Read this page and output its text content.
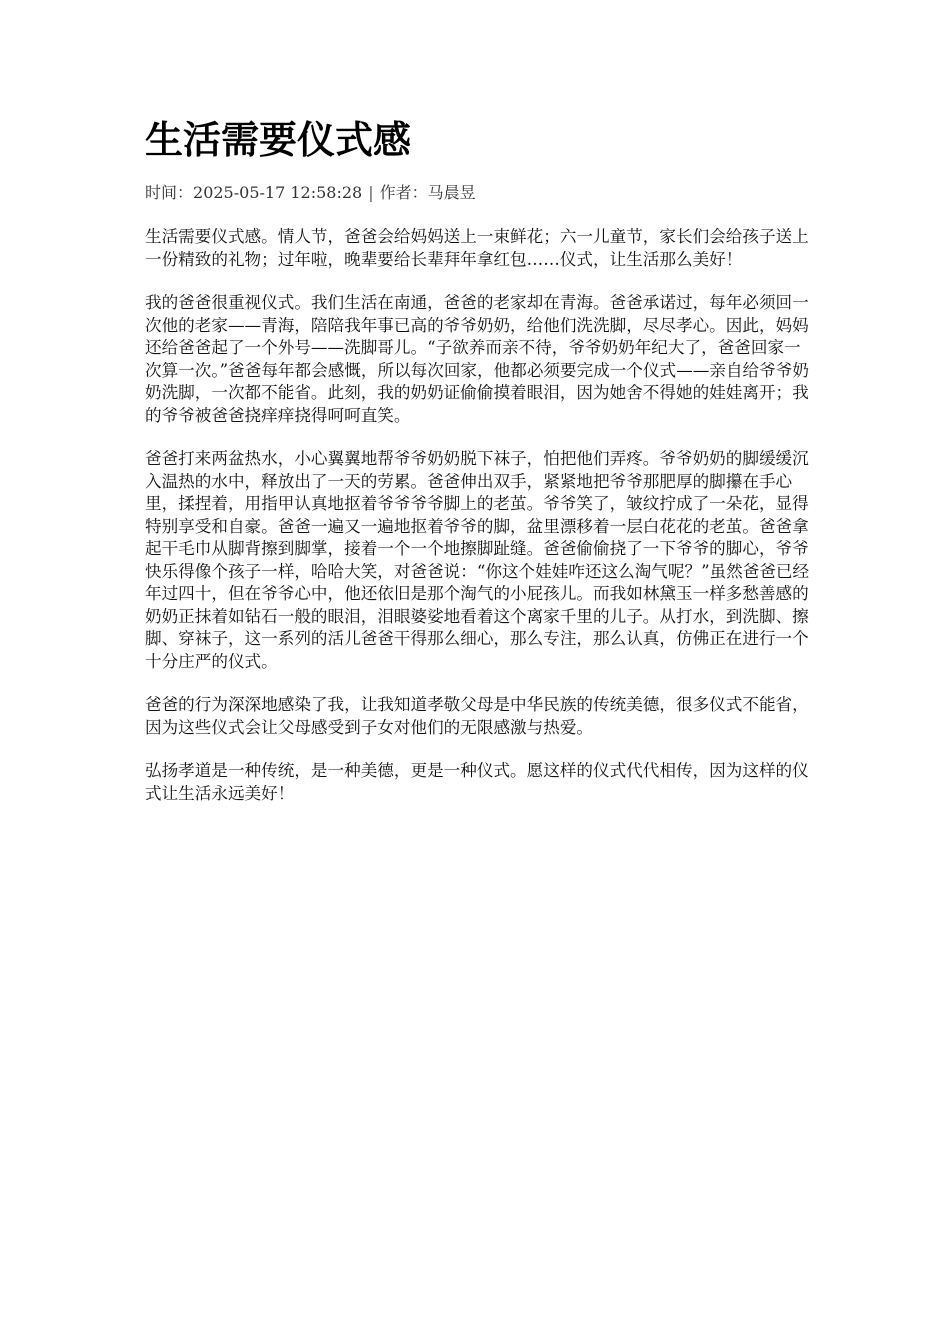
生活需要仪式感
时间：2025-05-17 12:58:28 | 作者：马晨昱

生活需要仪式感。情人节，爸爸会给妈妈送上一束鲜花；六一儿童节，家长们会给孩子送上一份精致的礼物；过年啦，晚辈要给长辈拜年拿红包……仪式，让生活那么美好！

我的爸爸很重视仪式。我们生活在南通，爸爸的老家却在青海。爸爸承诺过，每年必须回一次他的老家——青海，陪陪我年事已高的爷爷奶奶，给他们洗洗脚，尽尽孝心。因此，妈妈还给爸爸起了一个外号——洗脚哥儿。“子欲养而亲不待，爷爷奶奶年纪大了，爸爸回家一次算一次。”爸爸每年都会感慨，所以每次回家，他都必须要完成一个仪式——亲自给爷爷奶奶洗脚，一次都不能省。此刻，我的奶奶证偷偷摸着眼泪，因为她舍不得她的娃娃离开；我的爷爷被爸爸挠痒痒挠得呵呵直笑。

爸爸打来两盆热水，小心翼翼地帮爷爷奶奶脱下袜子，怕把他们弄疼。爷爷奶奶的脚缓缓沉入温热的水中，释放出了一天的劳累。爸爸伸出双手，紧紧地把爷爷那肥厚的脚攥在手心里，揉捏着，用指甲认真地抠着爷爷爷爷脚上的老茧。爷爷笑了，皱纹拧成了一朵花，显得特别享受和自豪。爸爸一遍又一遍地抠着爷爷的脚，盆里漂移着一层白花花的老茧。爸爸拿起干毛巾从脚背擦到脚掌，接着一个一个地擦脚趾缝。爸爸偷偷挠了一下爷爷的脚心，爷爷快乐得像个孩子一样，哈哈大笑，对爸爸说：“你这个娃娃咋还这么淘气呢？”虽然爸爸已经年过四十，但在爷爷心中，他还依旧是那个淘气的小屁孩儿。而我如林黛玉一样多愁善感的奶奶正抹着如钻石一般的眼泪，泪眼婆娑地看着这个离家千里的儿子。从打水，到洗脚、擦脚、穿袜子，这一系列的活儿爸爸干得那么细心，那么专注，那么认真，仿佛正在进行一个十分庄严的仪式。

爸爸的行为深深地感染了我，让我知道孝敬父母是中华民族的传统美德，很多仪式不能省，因为这些仪式会让父母感受到子女对他们的无限感激与热爱。

弘扬孝道是一种传统，是一种美德，更是一种仪式。愿这样的仪式代代相传，因为这样的仪式让生活永远美好！
